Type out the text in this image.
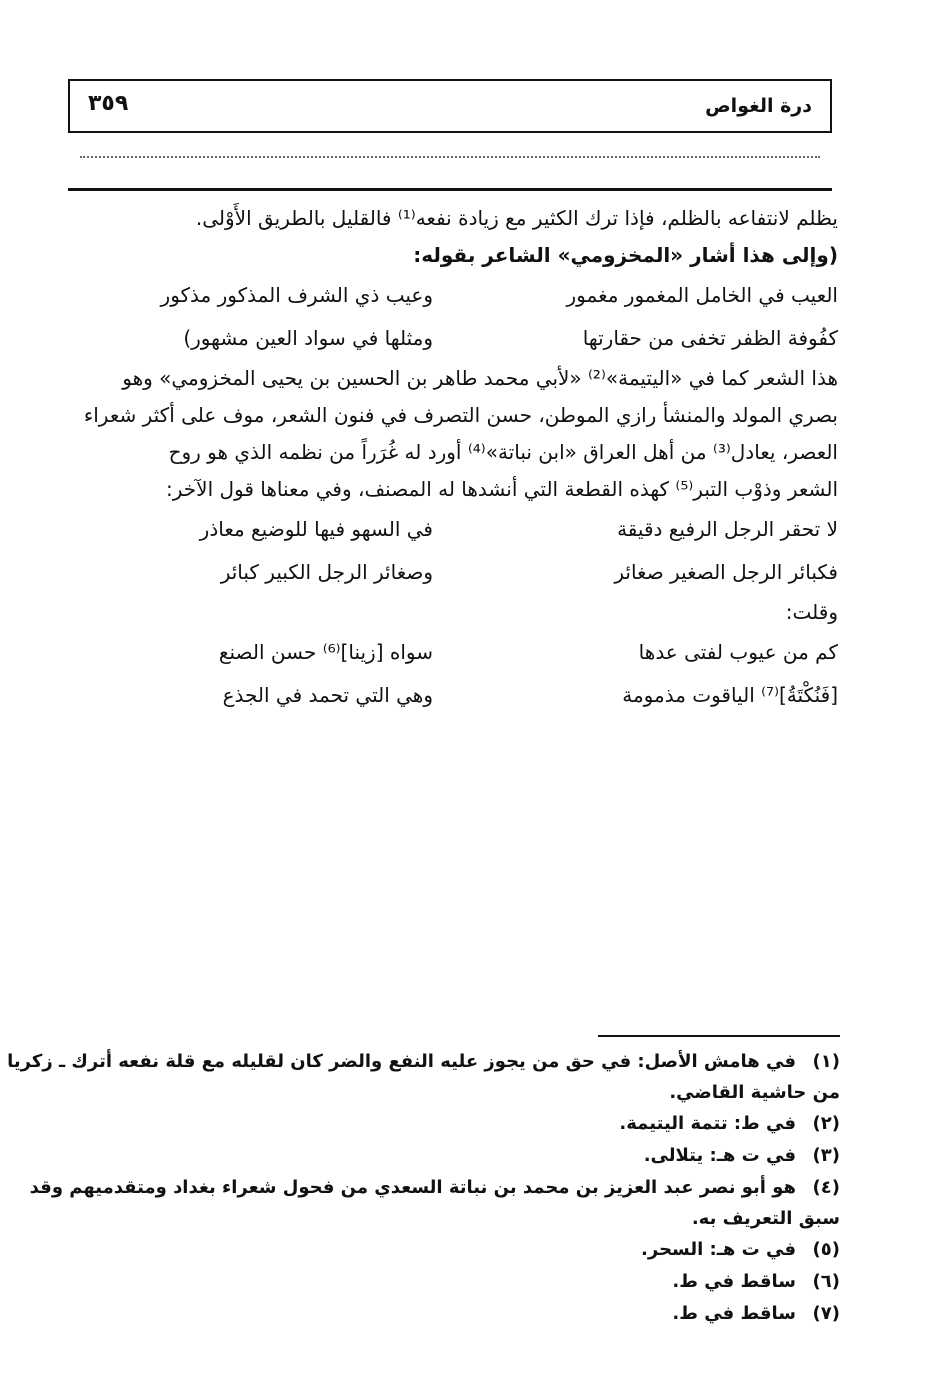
درة الغواص
٣٥٩
يظلم لانتفاعه بالظلم، فإذا ترك الكثير مع زيادة نفعه⁽¹⁾ فالقليل بالطريق الأَوْلى.
(وإلى هذا أشار «المخزومي» الشاعر بقوله:
العيب في الخامل المغمور مغمور
وعيب ذي الشرف المذكور مذكور
كفُوفة الظفر تخفى من حقارتها
ومثلها في سواد العين مشهور)
هذا الشعر كما في «اليتيمة»⁽²⁾ «لأبي محمد طاهر بن الحسين بن يحيى المخزومي» وهو
بصري المولد والمنشأ رازي الموطن، حسن التصرف في فنون الشعر، موف على أكثر شعراء
العصر، يعادل⁽³⁾ من أهل العراق «ابن نباتة»⁽⁴⁾ أورد له غُرَراً من نظمه الذي هو روح
الشعر وذوْب التبر⁽⁵⁾ كهذه القطعة التي أنشدها له المصنف، وفي معناها قول الآخر:
لا تحقر الرجل الرفيع دقيقة
في السهو فيها للوضيع معاذر
فكبائر الرجل الصغير صغائر
وصغائر الرجل الكبير كبائر
وقلت:
كم من عيوب لفتى عدها
سواه [زينا]⁽⁶⁾ حسن الصنع
[فَنُكْتَةُ]⁽⁷⁾ الياقوت مذمومة
وهي التي تحمد في الجذع
(١)في هامش الأصل: في حق من يجوز عليه النفع والضر كان لقليله مع قلة نفعه أترك ـ زكريا
من حاشية القاضي.
(٢)في ط: تتمة اليتيمة.
(٣)في ت هـ: يتلالى.
(٤)هو أبو نصر عبد العزيز بن محمد بن نباتة السعدي من فحول شعراء بغداد ومتقدميهم وقد
سبق التعريف به.
(٥)في ت هـ: السحر.
(٦)ساقط في ط.
(٧)ساقط في ط.
